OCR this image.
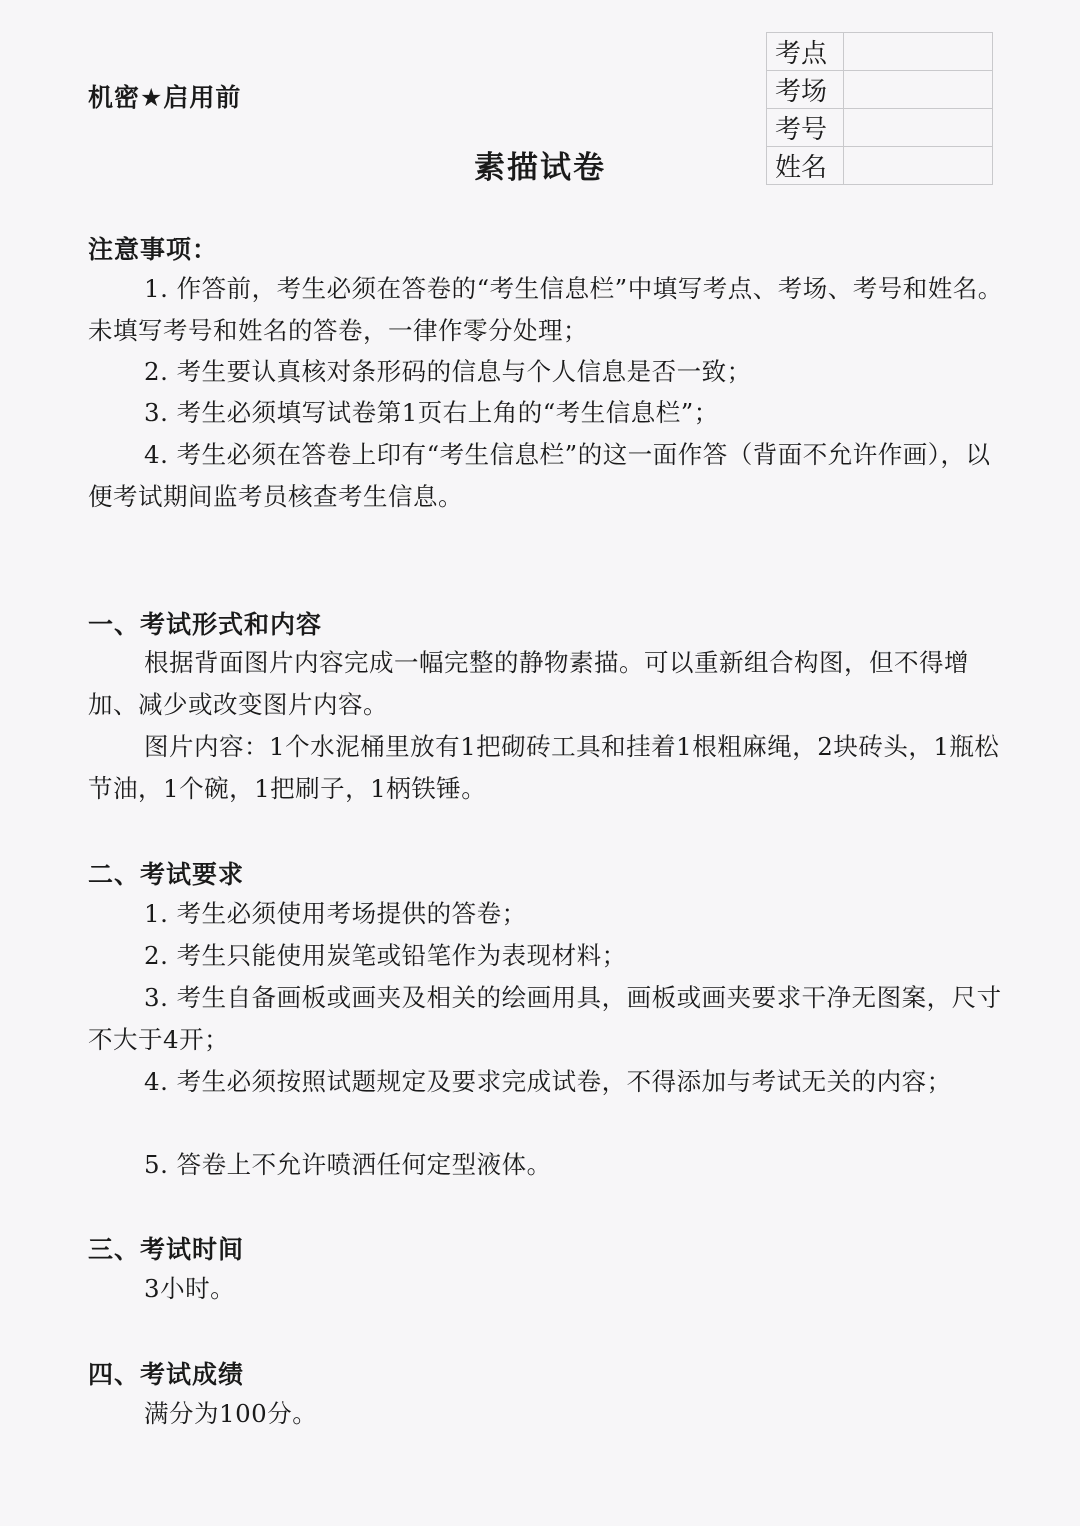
机密★启用前
考点	
考场	
考号	
姓名	
素描试卷
注意事项：

1. 作答前，考生必须在答卷的“考生信息栏”中填写考点、考场、考号和姓名。未填写考号和姓名的答卷，一律作零分处理；

2. 考生要认真核对条形码的信息与个人信息是否一致；

3. 考生必须填写试卷第1页右上角的“考生信息栏”；

4. 考生必须在答卷上印有“考生信息栏”的这一面作答（背面不允许作画），以便考试期间监考员核查考生信息。

一、考试形式和内容

根据背面图片内容完成一幅完整的静物素描。可以重新组合构图，但不得增加、减少或改变图片内容。

图片内容：1个水泥桶里放有1把砌砖工具和挂着1根粗麻绳，2块砖头，1瓶松节油，1个碗，1把刷子，1柄铁锤。

二、考试要求

1. 考生必须使用考场提供的答卷；

2. 考生只能使用炭笔或铅笔作为表现材料；

3. 考生自备画板或画夹及相关的绘画用具，画板或画夹要求干净无图案，尺寸不大于4开；

4. 考生必须按照试题规定及要求完成试卷，不得添加与考试无关的内容；

5. 答卷上不允许喷洒任何定型液体。

三、考试时间

3小时。

四、考试成绩

满分为100分。
